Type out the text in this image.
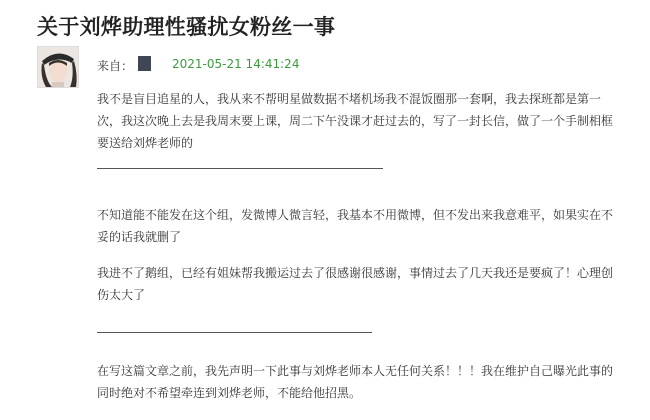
关于刘烨助理性骚扰女粉丝一事
来自：	2021-05-21 14:41:24

我不是盲目追星的人，我从来不帮明星做数据不堵机场我不混饭圈那一套啊，我去探班都是第一次，我这次晚上去是我周末要上课，周二下午没课才赶过去的，写了一封长信，做了一个手制相框要送给刘烨老师的

不知道能不能发在这个组，发微博人微言轻，我基本不用微博，但不发出来我意难平，如果实在不妥的话我就删了

我进不了鹅组，已经有姐妹帮我搬运过去了很感谢很感谢，事情过去了几天我还是要疯了！心理创伤太大了

在写这篇文章之前，我先声明一下此事与刘烨老师本人无任何关系！！！我在维护自己曝光此事的同时绝对不希望牵连到刘烨老师，不能给他招黑。
